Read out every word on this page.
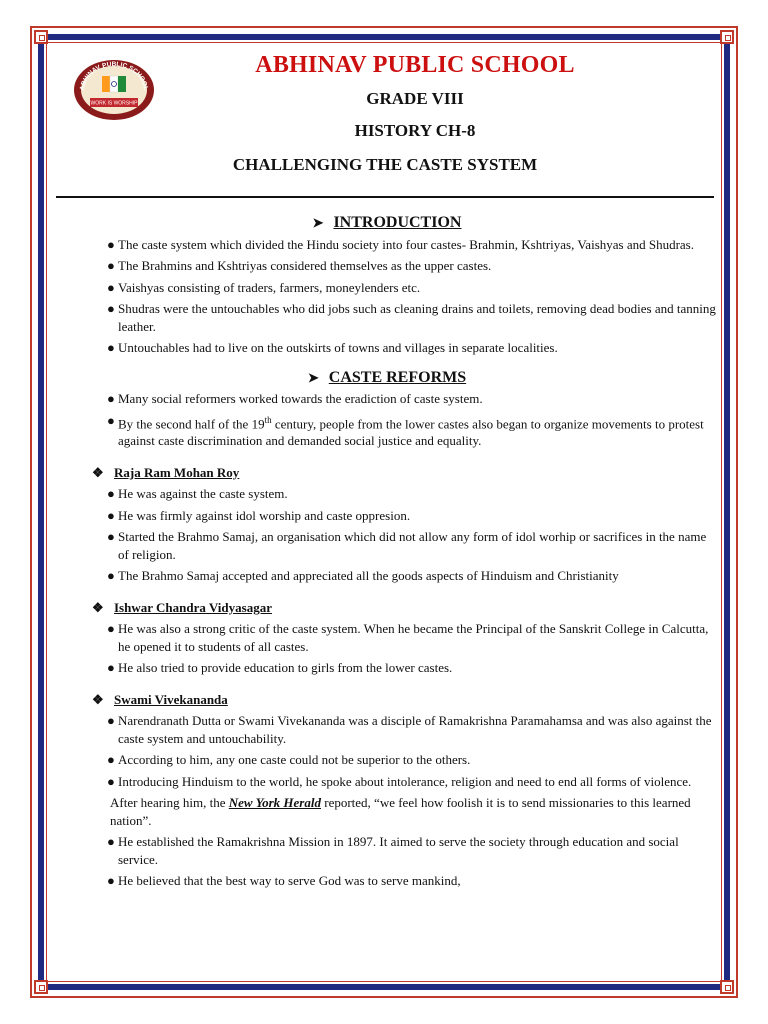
ABHINAV PUBLIC SCHOOL
WORK IS WORSHIP
ABHINAV PUBLIC SCHOOL
GRADE VIII
HISTORY CH-8
CHALLENGING THE CASTE SYSTEM
➤ INTRODUCTION
● The caste system which divided the Hindu society into four castes- Brahmin, Kshtriyas, Vaishyas and Shudras.
● The Brahmins and Kshtriyas considered themselves as the upper castes.
● Vaishyas consisting of traders, farmers, moneylenders etc.
● Shudras were the untouchables who did jobs such as cleaning drains and toilets, removing dead bodies and tanning leather.
● Untouchables had to live on the outskirts of towns and villages in separate localities.
➤ CASTE REFORMS
● Many social reformers worked towards the eradiction of caste system.
● By the second half of the 19th century, people from the lower castes also began to organize movements to protest against caste discrimination and demanded social justice and equality.
❖ Raja Ram Mohan Roy
● He was against the caste system.
● He was firmly against idol worship and caste oppresion.
● Started the Brahmo Samaj, an organisation which did not allow any form of idol worhip or sacrifices in the name of religion.
● The Brahmo Samaj accepted and appreciated all the goods aspects of Hinduism and Christianity
❖ Ishwar Chandra Vidyasagar
● He was also a strong critic of the caste system. When he became the Principal of the Sanskrit College in Calcutta, he opened it to students of all castes.
● He also tried to provide education to girls from the lower castes.
❖ Swami Vivekananda
● Narendranath Dutta or Swami Vivekananda was a disciple of Ramakrishna Paramahamsa and was also against the caste system and untouchability.
● According to him, any one caste could not be superior to the others.
● Introducing Hinduism to the world, he spoke about intolerance, religion and need to end all forms of violence.
After hearing him, the New York Herald reported, “we feel how foolish it is to send missionaries to this learned nation”.
● He established the Ramakrishna Mission in 1897. It aimed to serve the society through education and social service.
● He believed that the best way to serve God was to serve mankind,
